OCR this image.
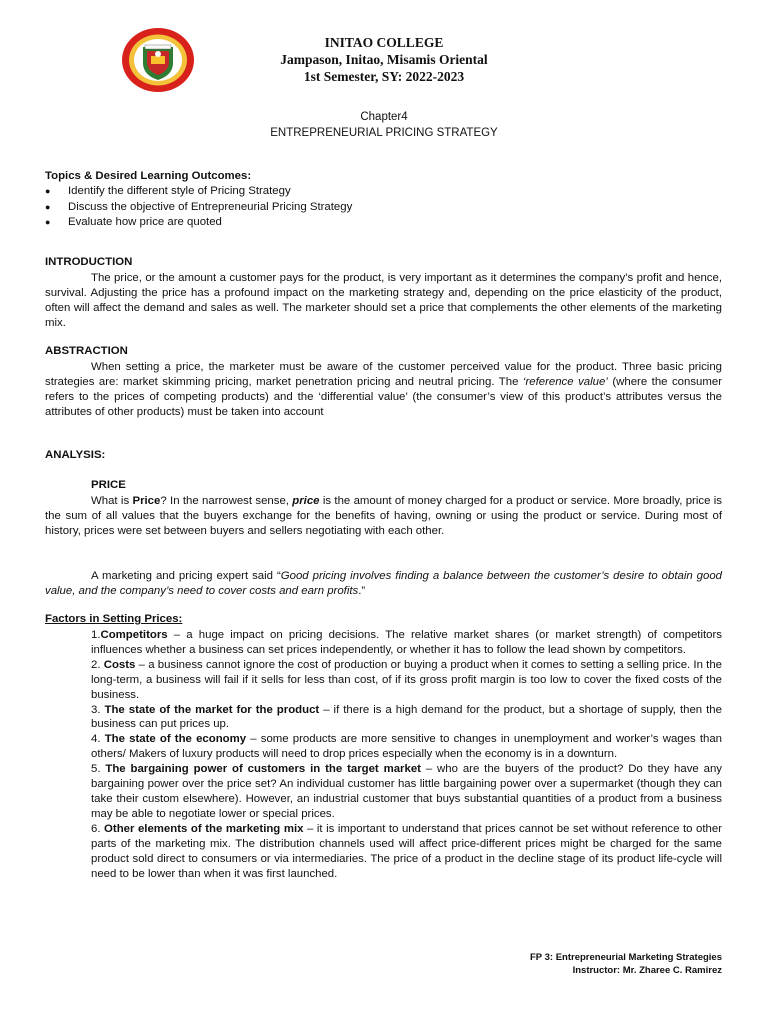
INITAO COLLEGE
Jampason, Initao, Misamis Oriental
1st Semester, SY: 2022-2023
Chapter4
ENTREPRENEURIAL PRICING STRATEGY
Topics & Desired Learning Outcomes:
● Identify the different style of Pricing Strategy
● Discuss the objective of Entrepreneurial Pricing Strategy
● Evaluate how price are quoted
INTRODUCTION
The price, or the amount a customer pays for the product, is very important as it determines the company’s profit and hence, survival. Adjusting the price has a profound impact on the marketing strategy and, depending on the price elasticity of the product, often will affect the demand and sales as well. The marketer should set a price that complements the other elements of the marketing mix.
ABSTRACTION
When setting a price, the marketer must be aware of the customer perceived value for the product. Three basic pricing strategies are: market skimming pricing, market penetration pricing and neutral pricing. The ‘reference value’ (where the consumer refers to the prices of competing products) and the ‘differential value’ (the consumer’s view of this product’s attributes versus the attributes of other products) must be taken into account
ANALYSIS:
PRICE
What is Price? In the narrowest sense, price is the amount of money charged for a product or service. More broadly, price is the sum of all values that the buyers exchange for the benefits of having, owning or using the product or service. During most of history, prices were set between buyers and sellers negotiating with each other.
A marketing and pricing expert said “Good pricing involves finding a balance between the customer’s desire to obtain good value, and the company’s need to cover costs and earn profits.”
Factors in Setting Prices:

1.Competitors – a huge impact on pricing decisions. The relative market shares (or market strength) of competitors influences whether a business can set prices independently, or whether it has to follow the lead shown by competitors.

2. Costs – a business cannot ignore the cost of production or buying a product when it comes to setting a selling price. In the long-term, a business will fail if it sells for less than cost, of if its gross profit margin is too low to cover the fixed costs of the business.

3. The state of the market for the product – if there is a high demand for the product, but a shortage of supply, then the business can put prices up.

4. The state of the economy – some products are more sensitive to changes in unemployment and worker’s wages than others/ Makers of luxury products will need to drop prices especially when the economy is in a downturn.

5. The bargaining power of customers in the target market – who are the buyers of the product? Do they have any bargaining power over the price set? An individual customer has little bargaining power over a supermarket (though they can take their custom elsewhere). However, an industrial customer that buys substantial quantities of a product from a business may be able to negotiate lower or special prices.

6. Other elements of the marketing mix – it is important to understand that prices cannot be set without reference to other parts of the marketing mix. The distribution channels used will affect price-different prices might be charged for the same product sold direct to consumers or via intermediaries. The price of a product in the decline stage of its product life-cycle will need to be lower than when it was first launched.

FP 3: Entrepreneurial Marketing Strategies
Instructor: Mr. Zharee C. Ramirez
